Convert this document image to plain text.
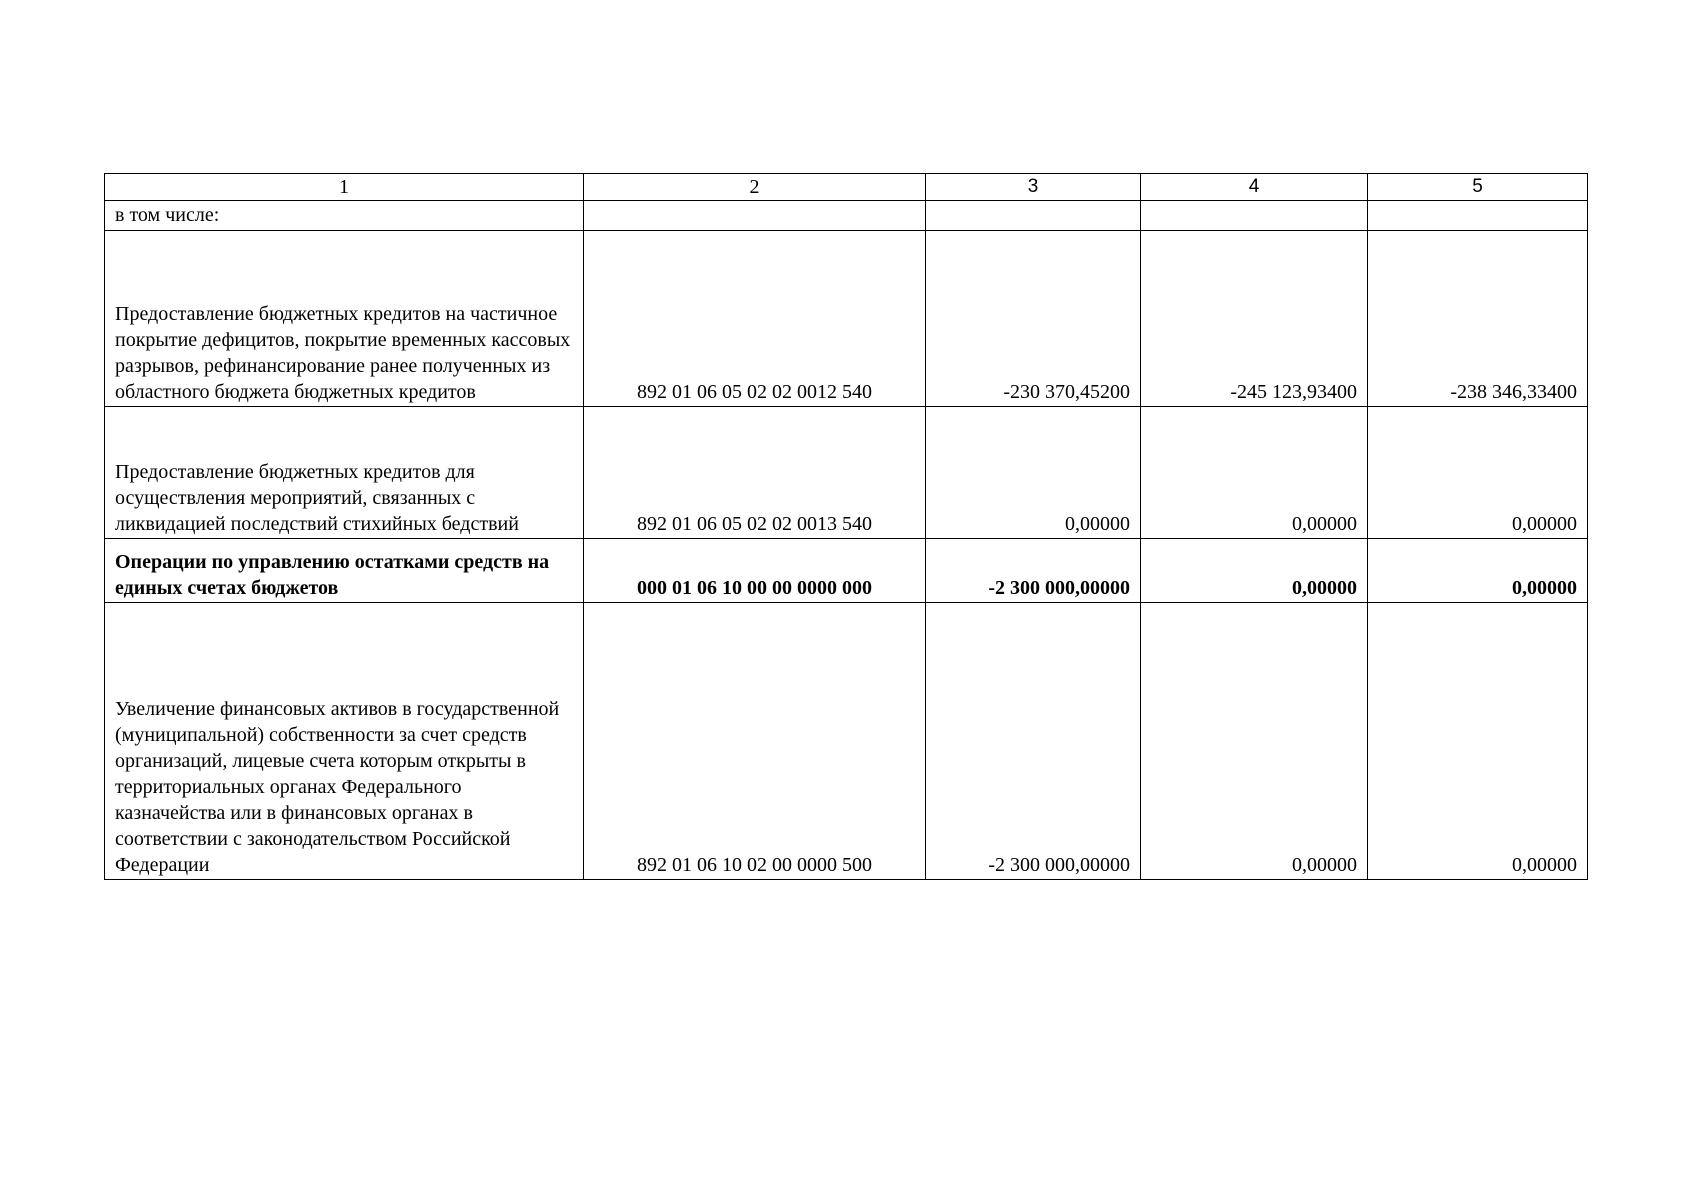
1	2	3	4	5
в том числе:				
Предоставление бюджетных кредитов на частичное покрытие дефицитов, покрытие временных кассовых разрывов, рефинансирование ранее полученных из областного бюджета бюджетных кредитов	892 01 06 05 02 02 0012 540	-230 370,45200	-245 123,93400	-238 346,33400
Предоставление бюджетных кредитов для осуществления мероприятий, связанных с ликвидацией последствий стихийных бедствий	892 01 06 05 02 02 0013 540	0,00000	0,00000	0,00000
Операции по управлению остатками средств на единых счетах бюджетов	000 01 06 10 00 00 0000 000	-2 300 000,00000	0,00000	0,00000
Увеличение финансовых активов в государственной (муниципальной) собственности за счет средств организаций, лицевые счета которым открыты в территориальных органах Федерального казначейства или в финансовых органах в соответствии с законодательством Российской Федерации	892 01 06 10 02 00 0000 500	-2 300 000,00000	0,00000	0,00000
